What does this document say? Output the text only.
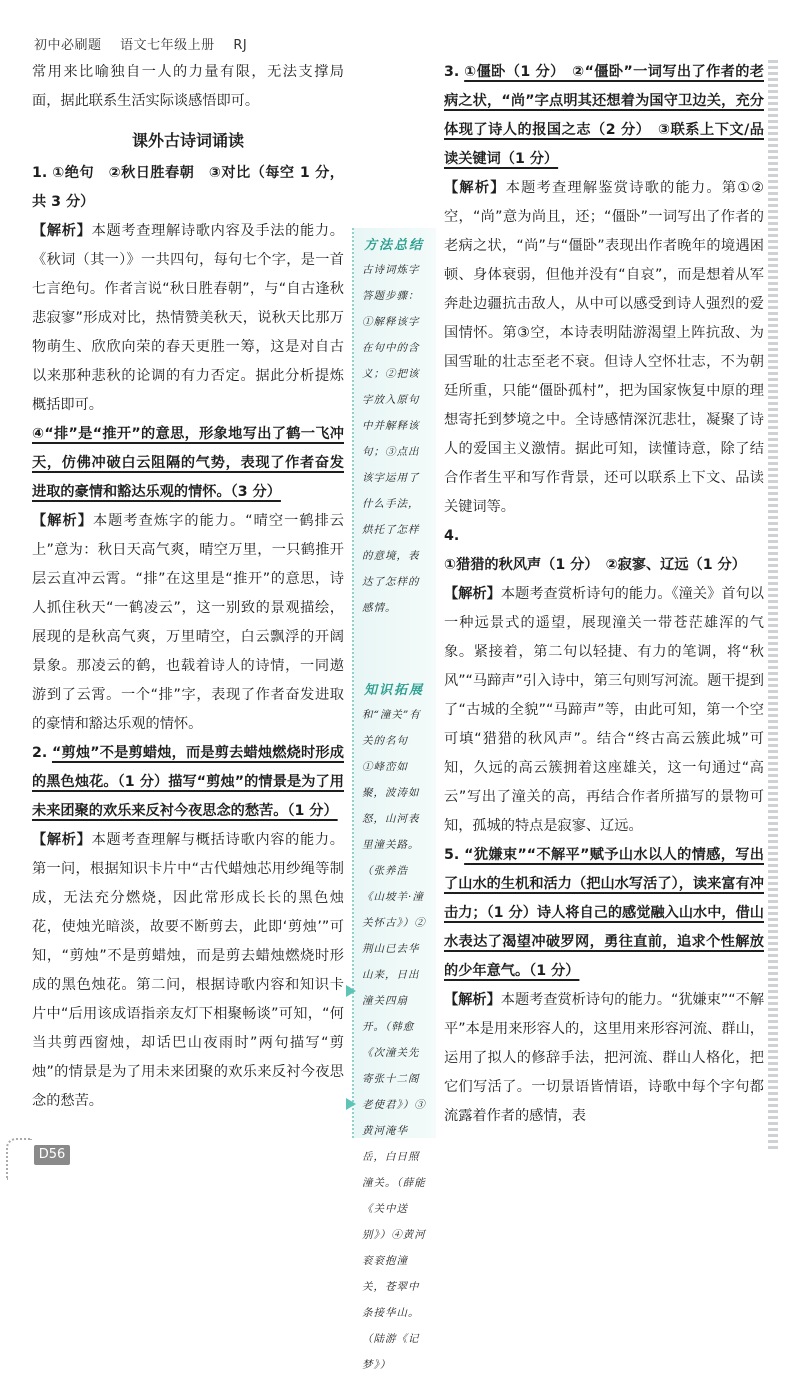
初中必刷题 语文七年级上册 RJ

常用来比喻独自一人的力量有限，无法支撑局面，据此联系生活实际谈感悟即可。

课外古诗词诵读

1. ①绝句　②秋日胜春朝　③对比（每空 1 分，共 3 分）

【解析】本题考查理解诗歌内容及手法的能力。《秋词（其一）》一共四句，每句七个字，是一首七言绝句。作者言说“秋日胜春朝”，与“自古逢秋悲寂寥”形成对比，热情赞美秋天，说秋天比那万物萌生、欣欣向荣的春天更胜一筹，这是对自古以来那种悲秋的论调的有力否定。据此分析提炼概括即可。

④“排”是“推开”的意思，形象地写出了鹤一飞冲天，仿佛冲破白云阻隔的气势，表现了作者奋发进取的豪情和豁达乐观的情怀。（3 分）

【解析】本题考查炼字的能力。“晴空一鹤排云上”意为：秋日天高气爽，晴空万里，一只鹤推开层云直冲云霄。“排”在这里是“推开”的意思，诗人抓住秋天“一鹤凌云”，这一别致的景观描绘，展现的是秋高气爽，万里晴空，白云飘浮的开阔景象。那凌云的鹤，也载着诗人的诗情，一同遨游到了云霄。一个“排”字，表现了作者奋发进取的豪情和豁达乐观的情怀。

2. “剪烛”不是剪蜡烛，而是剪去蜡烛燃烧时形成的黑色烛花。（1 分）描写“剪烛”的情景是为了用未来团聚的欢乐来反衬今夜思念的愁苦。（1 分）

【解析】本题考查理解与概括诗歌内容的能力。第一问，根据知识卡片中“古代蜡烛芯用纱绳等制成，无法充分燃烧，因此常形成长长的黑色烛花，使烛光暗淡，故要不断剪去，此即‘剪烛’”可知，“剪烛”不是剪蜡烛，而是剪去蜡烛燃烧时形成的黑色烛花。第二问，根据诗歌内容和知识卡片中“后用该成语指亲友灯下相聚畅谈”可知，“何当共剪西窗烛，却话巴山夜雨时”两句描写“剪烛”的情景是为了用未来团聚的欢乐来反衬今夜思念的愁苦。

方法总结
古诗词炼字答题步骤：①解释该字在句中的含义；②把该字放入原句中并解释该句；③点出该字运用了什么手法，烘托了怎样的意境，表达了怎样的感情。
知识拓展
和“潼关”有关的名句　①峰峦如聚，波涛如怒，山河表里潼关路。（张养浩《山坡羊·潼关怀古》）②荆山已去华山来，日出潼关四扇开。（韩愈《次潼关先寄张十二阁老使君》）③黄河淹华岳，白日照潼关。（薛能《关中送别》）④黄河衮衮抱潼关，苍翠中条接华山。（陆游《记梦》）

3. ①僵卧（1 分）　②“僵卧”一词写出了作者的老病之状，“尚”字点明其还想着为国守卫边关，充分体现了诗人的报国之志（2 分）　③联系上下文/品读关键词（1 分）

【解析】本题考查理解鉴赏诗歌的能力。第①②空，“尚”意为尚且，还；“僵卧”一词写出了作者的老病之状，“尚”与“僵卧”表现出作者晚年的境遇困顿、身体衰弱，但他并没有“自哀”，而是想着从军奔赴边疆抗击敌人，从中可以感受到诗人强烈的爱国情怀。第③空，本诗表明陆游渴望上阵抗敌、为国雪耻的壮志至老不衰。但诗人空怀壮志，不为朝廷所重，只能“僵卧孤村”，把为国家恢复中原的理想寄托到梦境之中。全诗感情深沉悲壮，凝聚了诗人的爱国主义激情。据此可知，读懂诗意，除了结合作者生平和写作背景，还可以联系上下文、品读关键词等。

4. ①猎猎的秋风声（1 分）　②寂寥、辽远（1 分）

【解析】本题考查赏析诗句的能力。《潼关》首句以一种远景式的遥望，展现潼关一带苍茫雄浑的气象。紧接着，第二句以轻捷、有力的笔调，将“秋风”“马蹄声”引入诗中，第三句则写河流。题干提到了“古城的全貌”“马蹄声”等，由此可知，第一个空可填“猎猎的秋风声”。结合“终古高云簇此城”可知，久远的高云簇拥着这座雄关，这一句通过“高云”写出了潼关的高，再结合作者所描写的景物可知，孤城的特点是寂寥、辽远。

5. “犹嫌束”“不解平”赋予山水以人的情感，写出了山水的生机和活力（把山水写活了），读来富有冲击力；（1 分）诗人将自己的感觉融入山水中，借山水表达了渴望冲破罗网，勇往直前，追求个性解放的少年意气。（1 分）

【解析】本题考查赏析诗句的能力。“犹嫌束”“不解平”本是用来形容人的，这里用来形容河流、群山，运用了拟人的修辞手法，把河流、群山人格化，把它们写活了。一切景语皆情语，诗歌中每个字句都流露着作者的感情，表

D56
